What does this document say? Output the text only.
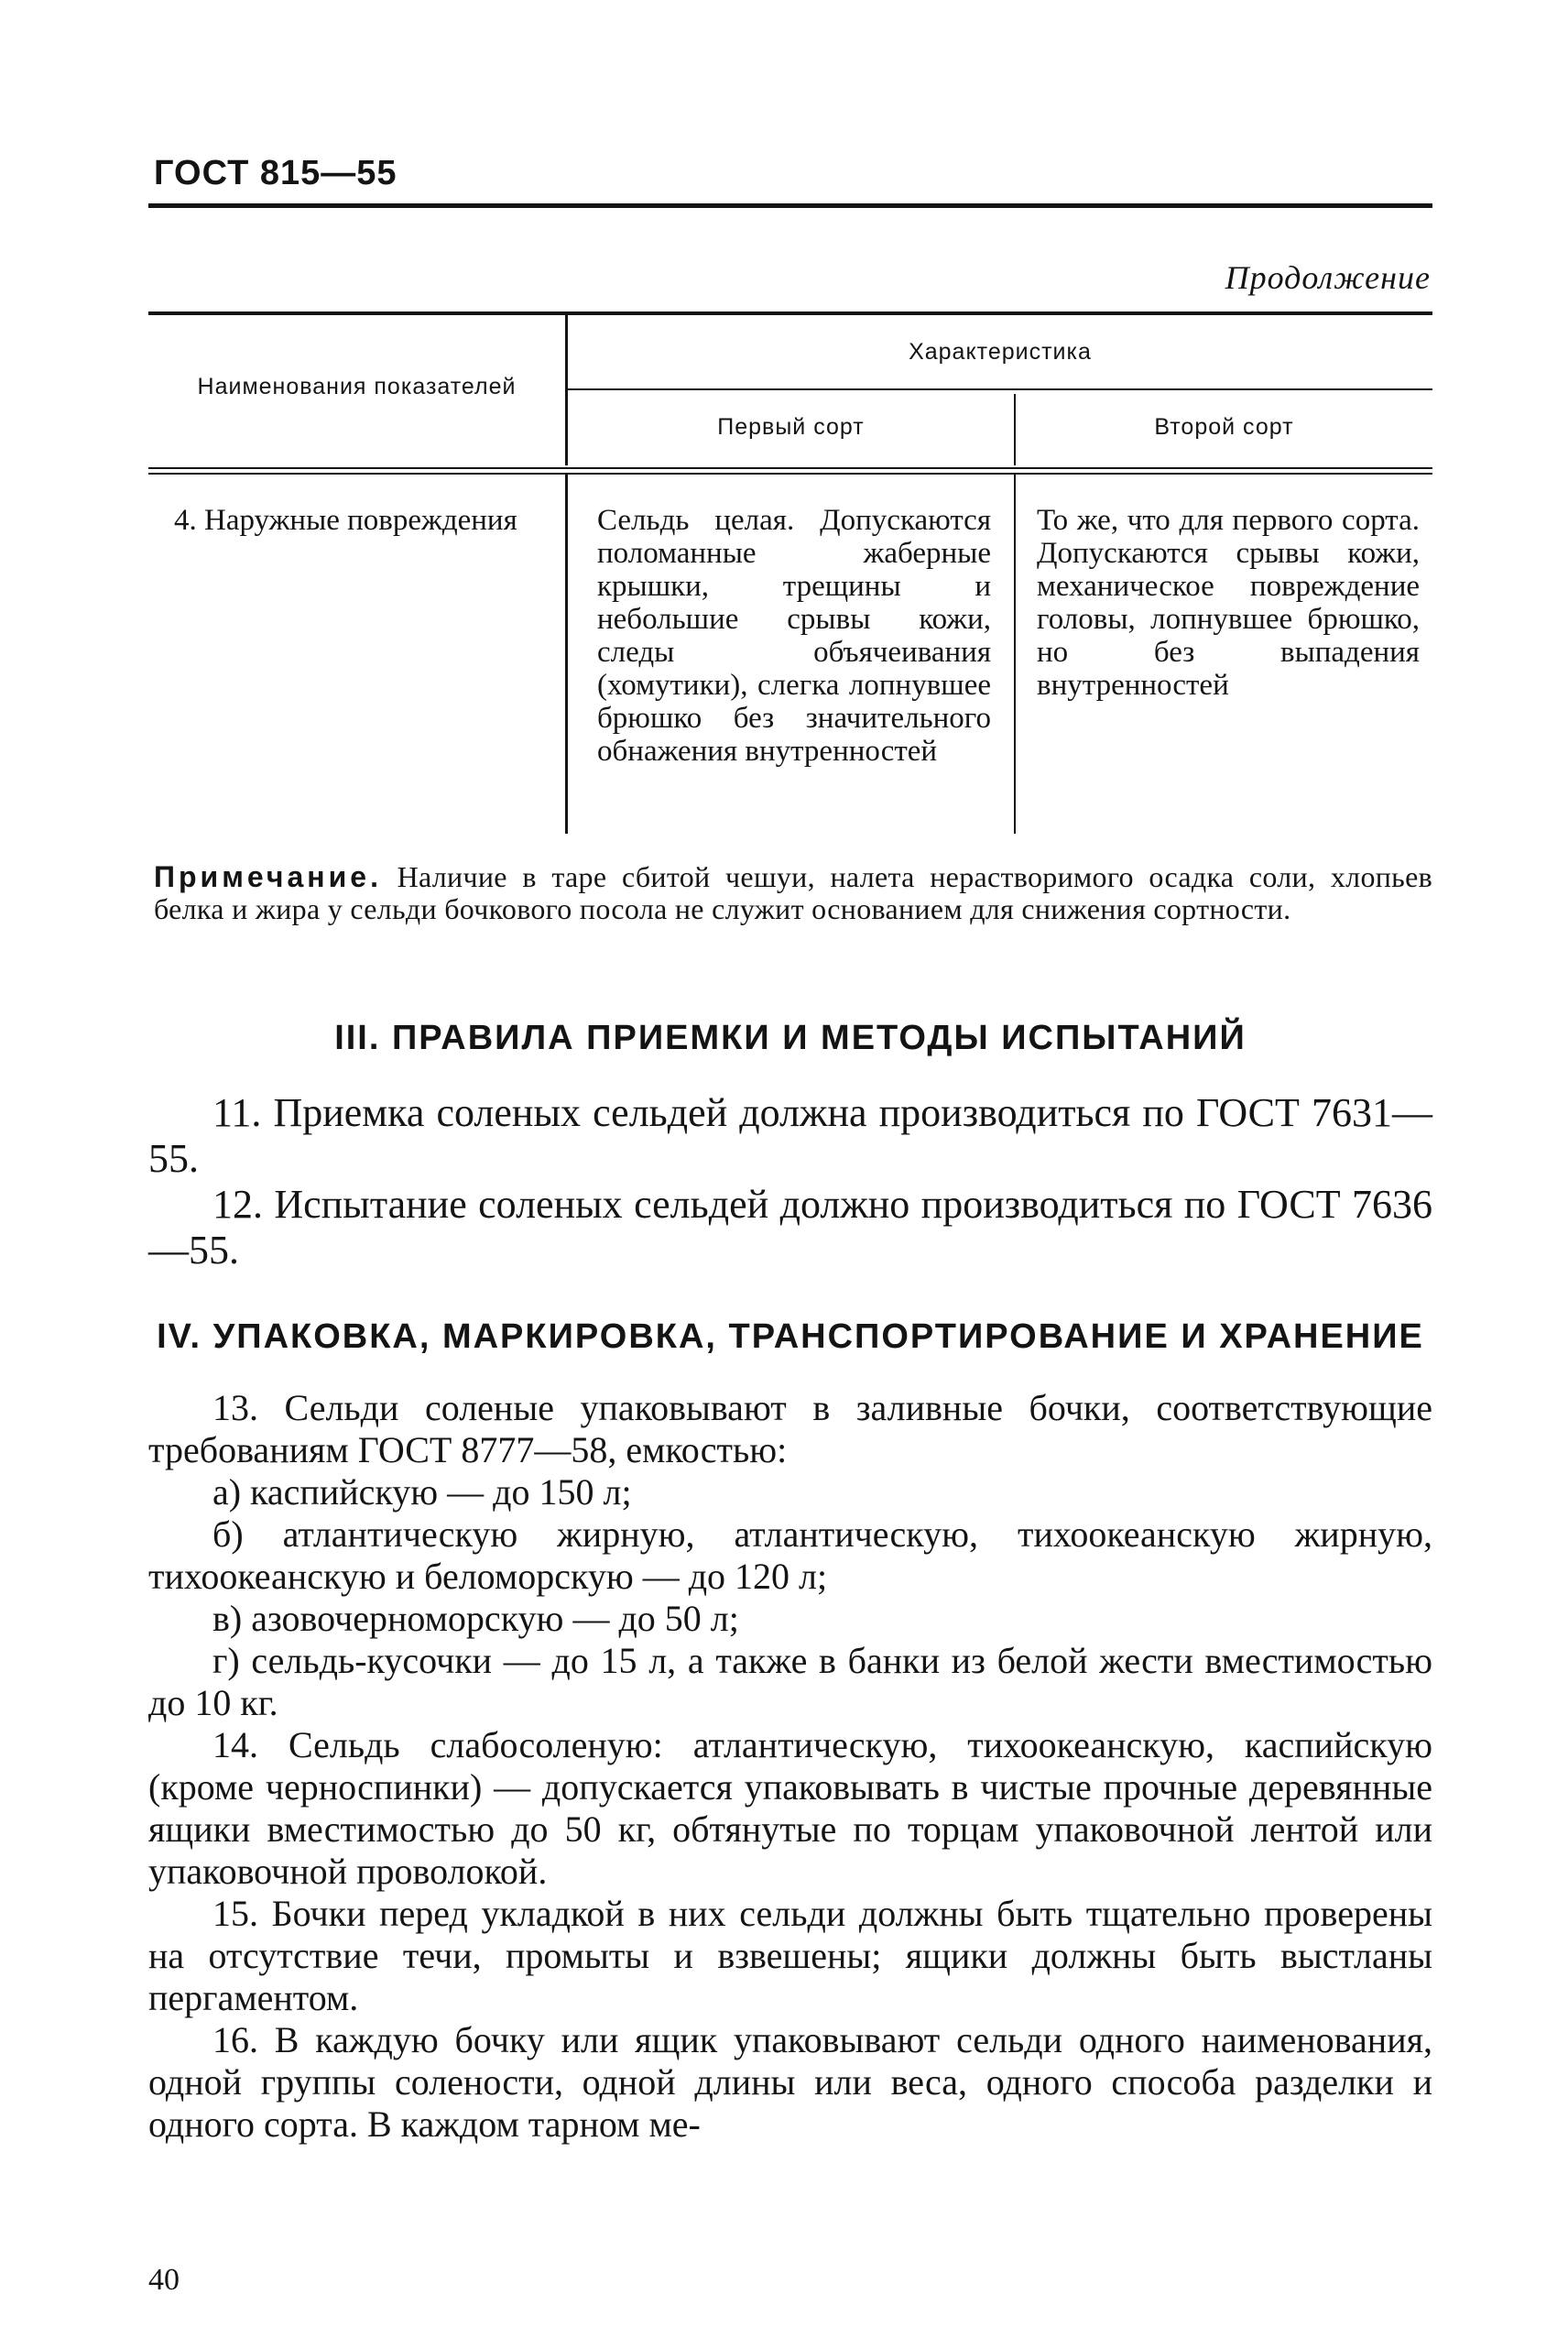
ГОСТ 815—55
Продолжение
Наименования показателей
Характеристика
Первый сорт	Второй сорт
4. Наружные повреждения	Сельдь целая. Допускаются поломанные жаберные крышки, трещины и небольшие срывы кожи, следы объячеивания (хомутики), слегка лопнувшее брюшко без значительного обнажения внутренностей
То же, что для первого сорта. Допускаются срывы кожи, механическое повреждение головы, лопнувшее брюшко, но без выпадения внутренностей
Примечание. Наличие в таре сбитой чешуи, налета нерастворимого осадка соли, хлопьев белка и жира у сельди бочкового посола не служит основанием для снижения сортности.
III. ПРАВИЛА ПРИЕМКИ И МЕТОДЫ ИСПЫТАНИЙ

11. Приемка соленых сельдей должна производиться по ГОСТ 7631—55.

12. Испытание соленых сельдей должно производиться по ГОСТ 7636—55.

IV. УПАКОВКА, МАРКИРОВКА, ТРАНСПОРТИРОВАНИЕ И ХРАНЕНИЕ

13. Сельди соленые упаковывают в заливные бочки, соответствующие требованиям ГОСТ 8777—58, емкостью:

а) каспийскую — до 150 л;

б) атлантическую жирную, атлантическую, тихоокеанскую жирную, тихоокеанскую и беломорскую — до 120 л;

в) азовочерноморскую — до 50 л;

г) сельдь-кусочки — до 15 л, а также в банки из белой жести вместимостью до 10 кг.

14. Сельдь слабосоленую: атлантическую, тихоокеанскую, каспийскую (кроме черноспинки) — допускается упаковывать в чистые прочные деревянные ящики вместимостью до 50 кг, обтянутые по торцам упаковочной лентой или упаковочной проволокой.

15. Бочки перед укладкой в них сельди должны быть тщательно проверены на отсутствие течи, промыты и взвешены; ящики должны быть выстланы пергаментом.

16. В каждую бочку или ящик упаковывают сельди одного наименования, одной группы солености, одной длины или веса, одного способа разделки и одного сорта. В каждом тарном ме-

40
